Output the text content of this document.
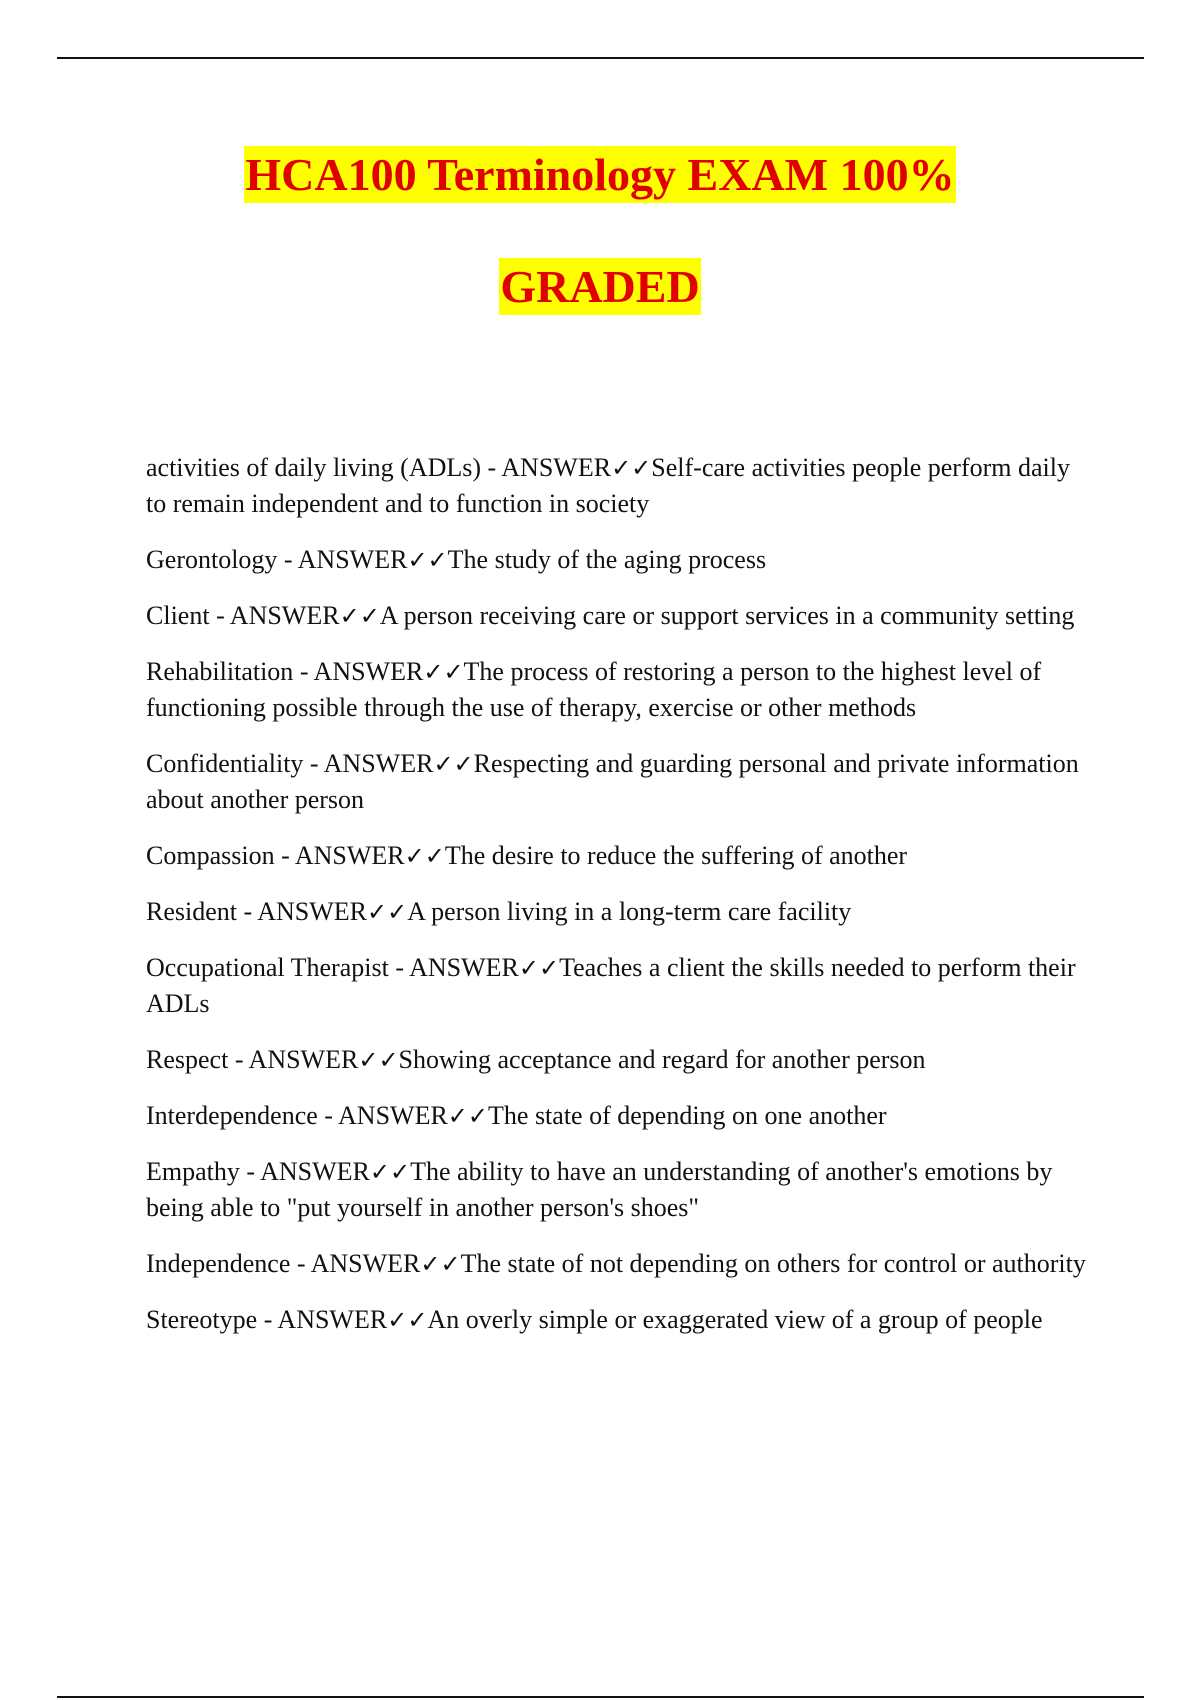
HCA100 Terminology EXAM 100%
GRADED

activities of daily living (ADLs) - ANSWER✓✓Self-care activities people perform daily to remain independent and to function in society

Gerontology - ANSWER✓✓The study of the aging process

Client - ANSWER✓✓A person receiving care or support services in a community setting

Rehabilitation - ANSWER✓✓The process of restoring a person to the highest level of functioning possible through the use of therapy, exercise or other methods

Confidentiality - ANSWER✓✓Respecting and guarding personal and private information about another person

Compassion - ANSWER✓✓The desire to reduce the suffering of another

Resident - ANSWER✓✓A person living in a long-term care facility

Occupational Therapist - ANSWER✓✓Teaches a client the skills needed to perform their ADLs

Respect - ANSWER✓✓Showing acceptance and regard for another person

Interdependence - ANSWER✓✓The state of depending on one another

Empathy - ANSWER✓✓The ability to have an understanding of another's emotions by being able to "put yourself in another person's shoes"

Independence - ANSWER✓✓The state of not depending on others for control or authority

Stereotype - ANSWER✓✓An overly simple or exaggerated view of a group of people
